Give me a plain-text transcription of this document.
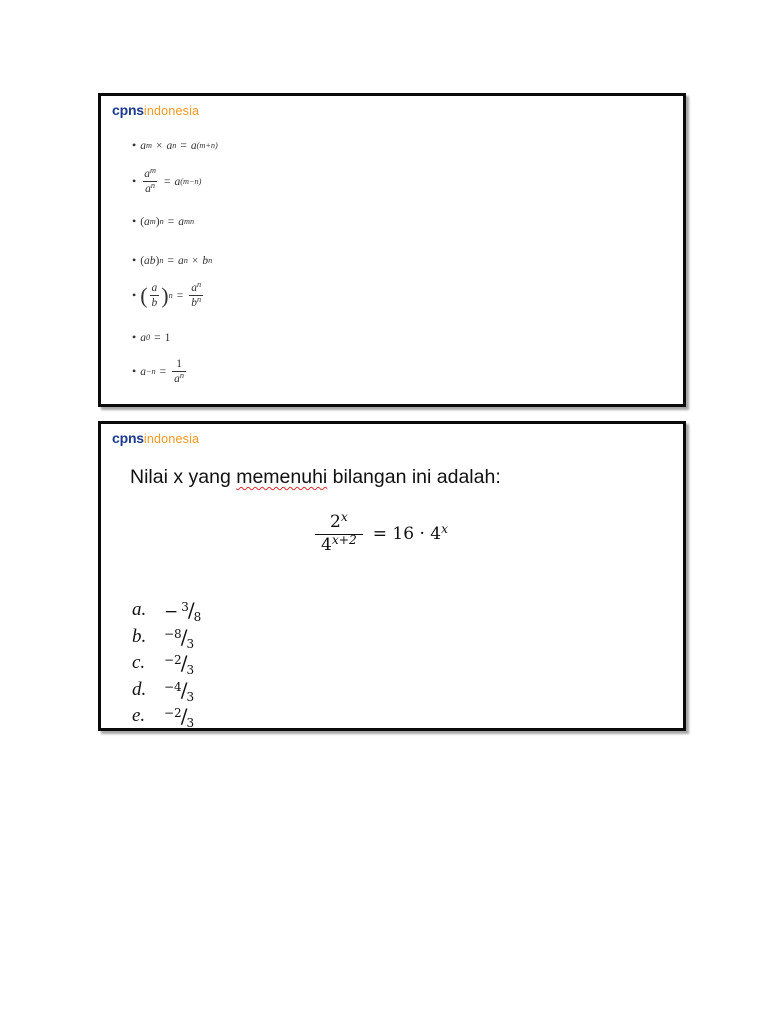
cpnsindonesia
• a m × a n = a (m+n)
• $\frac{a^m}{a^n} = a$ (m−n)
• ( a m ) n = a mn
• ( ab ) n = a n × b n
• ( $\frac{a}{b}$ ) $n = \frac{a^n}{b^n}$
• a 0 = 1
• $a -n = \frac{1}{a^n}$
cpnsindonesia
Nilai x yang memenuhi bilangan ini adalah:
$\frac{2^x}{4^{x+2}} = 16 \cdot 4^x$
a.	− 3 / 8
b.	−8 / 3
c.	−2 / 3
d.	−4 / 3
e.	−2 / 3
